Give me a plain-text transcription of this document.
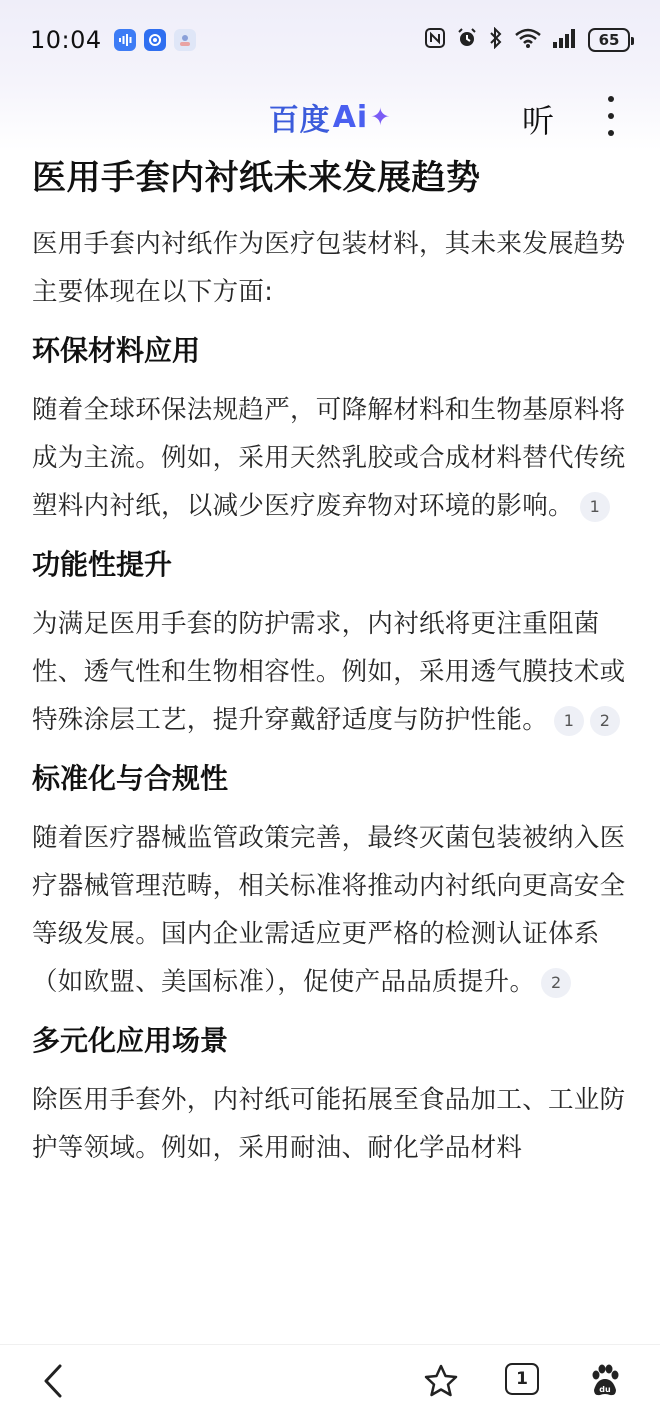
10:04	65
百度 Ai ✦	听
医用手套内衬纸未来发展趋势

医用手套内衬纸作为医疗包装材料，其未来发展趋势主要体现在以下方面:

环保材料应用

随着全球环保法规趋严，可降解材料和生物基原料将成为主流。例如，采用天然乳胶或合成材料替代传统塑料内衬纸，以减少医疗废弃物对环境的影响。 1

功能性提升

为满足医用手套的防护需求，内衬纸将更注重阻菌性、透气性和生物相容性。例如，采用透气膜技术或特殊涂层工艺，提升穿戴舒适度与防护性能。 1 2

标准化与合规性

随着医疗器械监管政策完善，最终灭菌包装被纳入医疗器械管理范畴，相关标准将推动内衬纸向更高安全等级发展。国内企业需适应更严格的检测认证体系（如欧盟、美国标准），促使产品品质提升。 2

多元化应用场景

除医用手套外，内衬纸可能拓展至食品加工、工业防护等领域。例如，采用耐油、耐化学品材料

1
du
